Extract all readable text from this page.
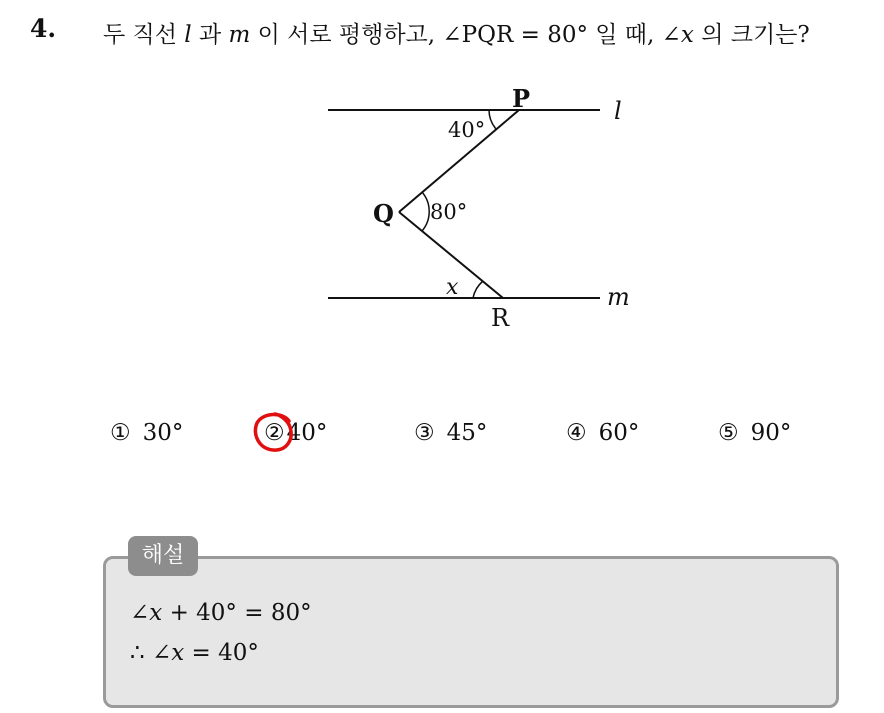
4. 두 직선 l 과 m 이 서로 평행하고, ∠PQR = 80° 일 때, ∠x 의 크기는?
P
Q
R
l
m
40°
80°
x
① 30°	②40°	③ 45°	④ 60°	⑤ 90°
해설
∠x + 40° = 80°
∴ ∠x = 40°
